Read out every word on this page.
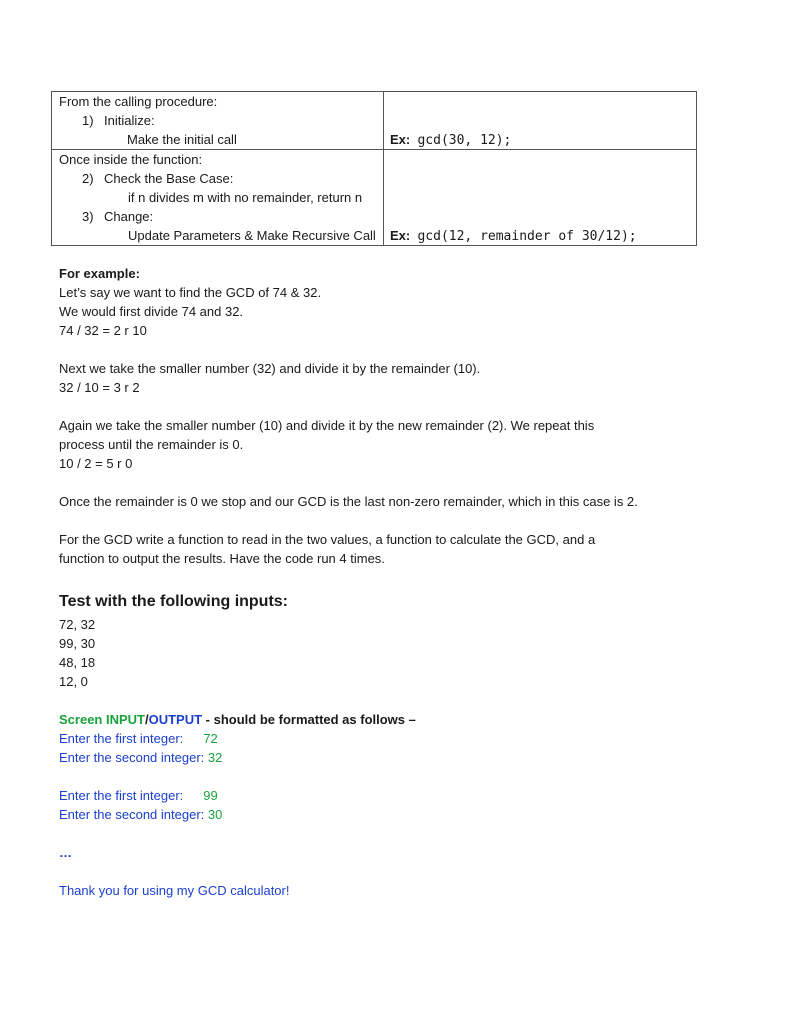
From the calling procedure:
1) Initialize:
Make the initial call	Ex: gcd(30, 12);

Once inside the function:
2) Check the Base Case:
if n divides m with no remainder, return n
3) Change:
Update Parameters & Make Recursive Call	Ex: gcd(12, remainder of 30/12);

For example:

Let’s say we want to find the GCD of 74 & 32.

We would first divide 74 and 32.

74 / 32 = 2 r 10

Next we take the smaller number (32) and divide it by the remainder (10).

32 / 10 = 3 r 2

Again we take the smaller number (10) and divide it by the new remainder (2). We repeat this

process until the remainder is 0.

10 / 2 = 5 r 0

Once the remainder is 0 we stop and our GCD is the last non-zero remainder, which in this case is 2.

For the GCD write a function to read in the two values, a function to calculate the GCD, and a

function to output the results. Have the code run 4 times.

Test with the following inputs:

72, 32

99, 30

48, 18

12, 0

Screen INPUT/OUTPUT - should be formatted as follows –

Enter the first integer: 72

Enter the second integer: 32

Enter the first integer: 99

Enter the second integer: 30

…

Thank you for using my GCD calculator!
